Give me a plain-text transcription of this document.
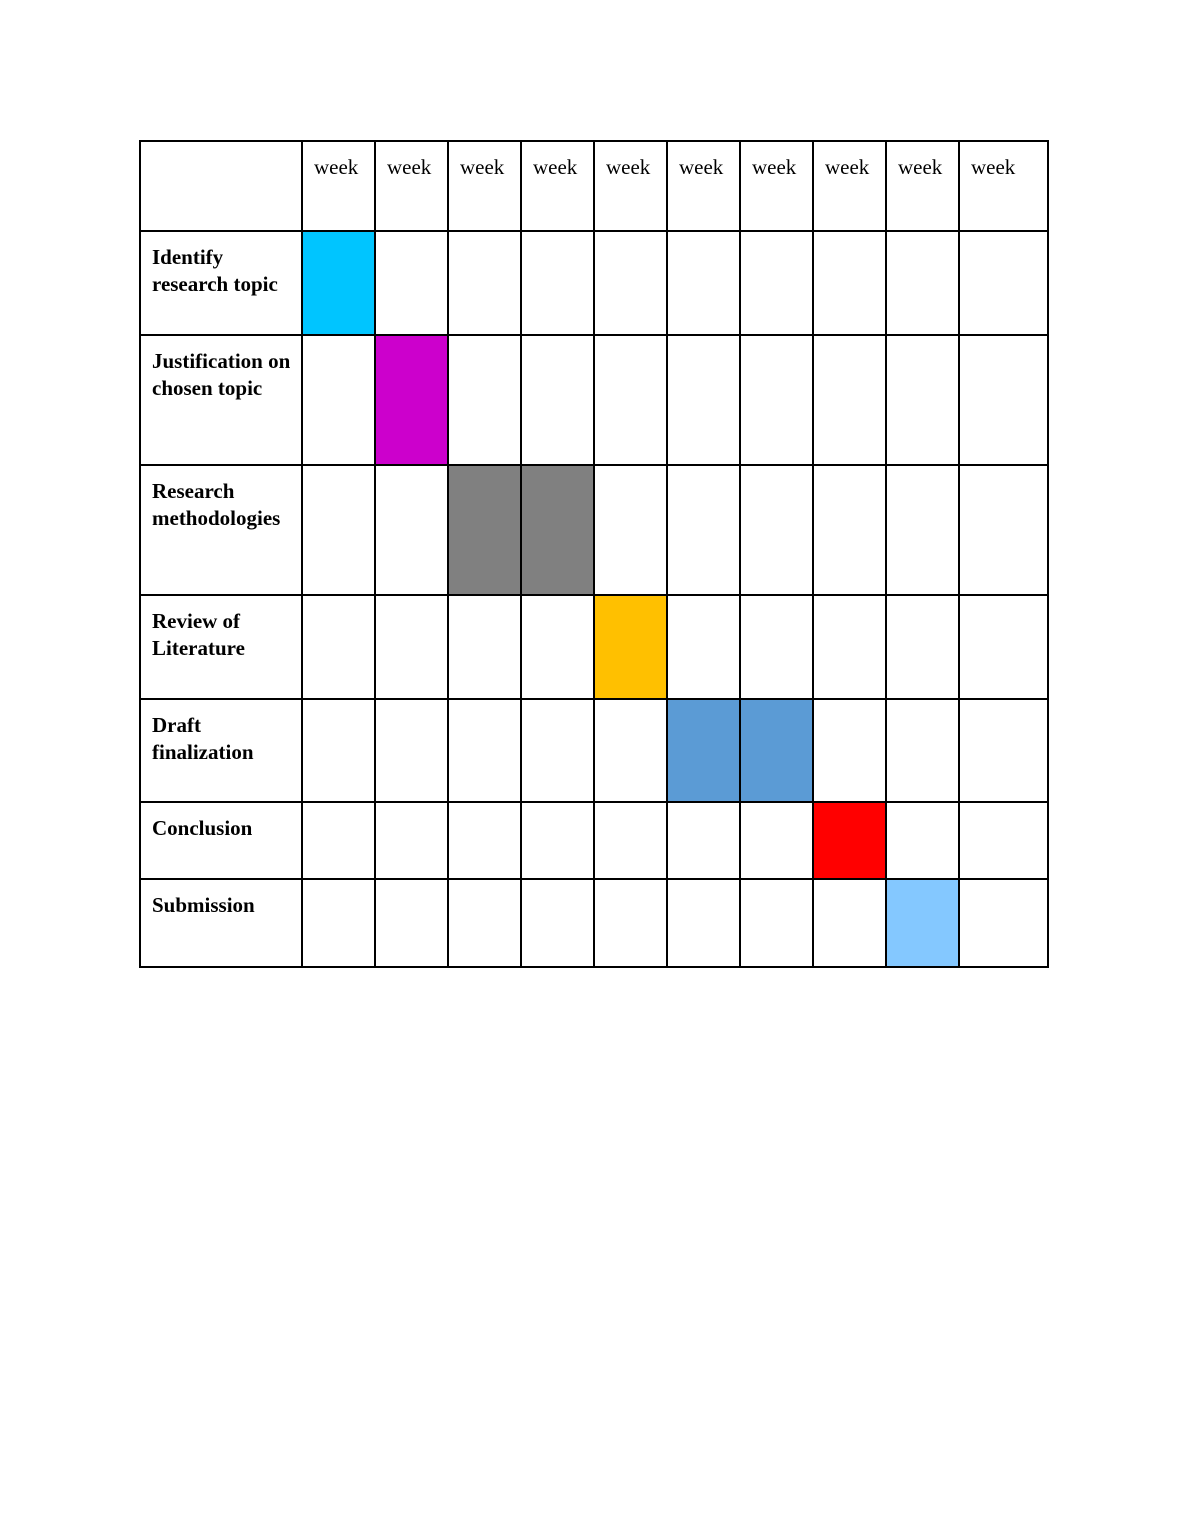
	week	week	week	week	week	week	week	week	week	week
Identify research topic										
Justification on chosen topic										
Research methodologies										
Review of Literature										
Draft finalization										
Conclusion										
Submission										
